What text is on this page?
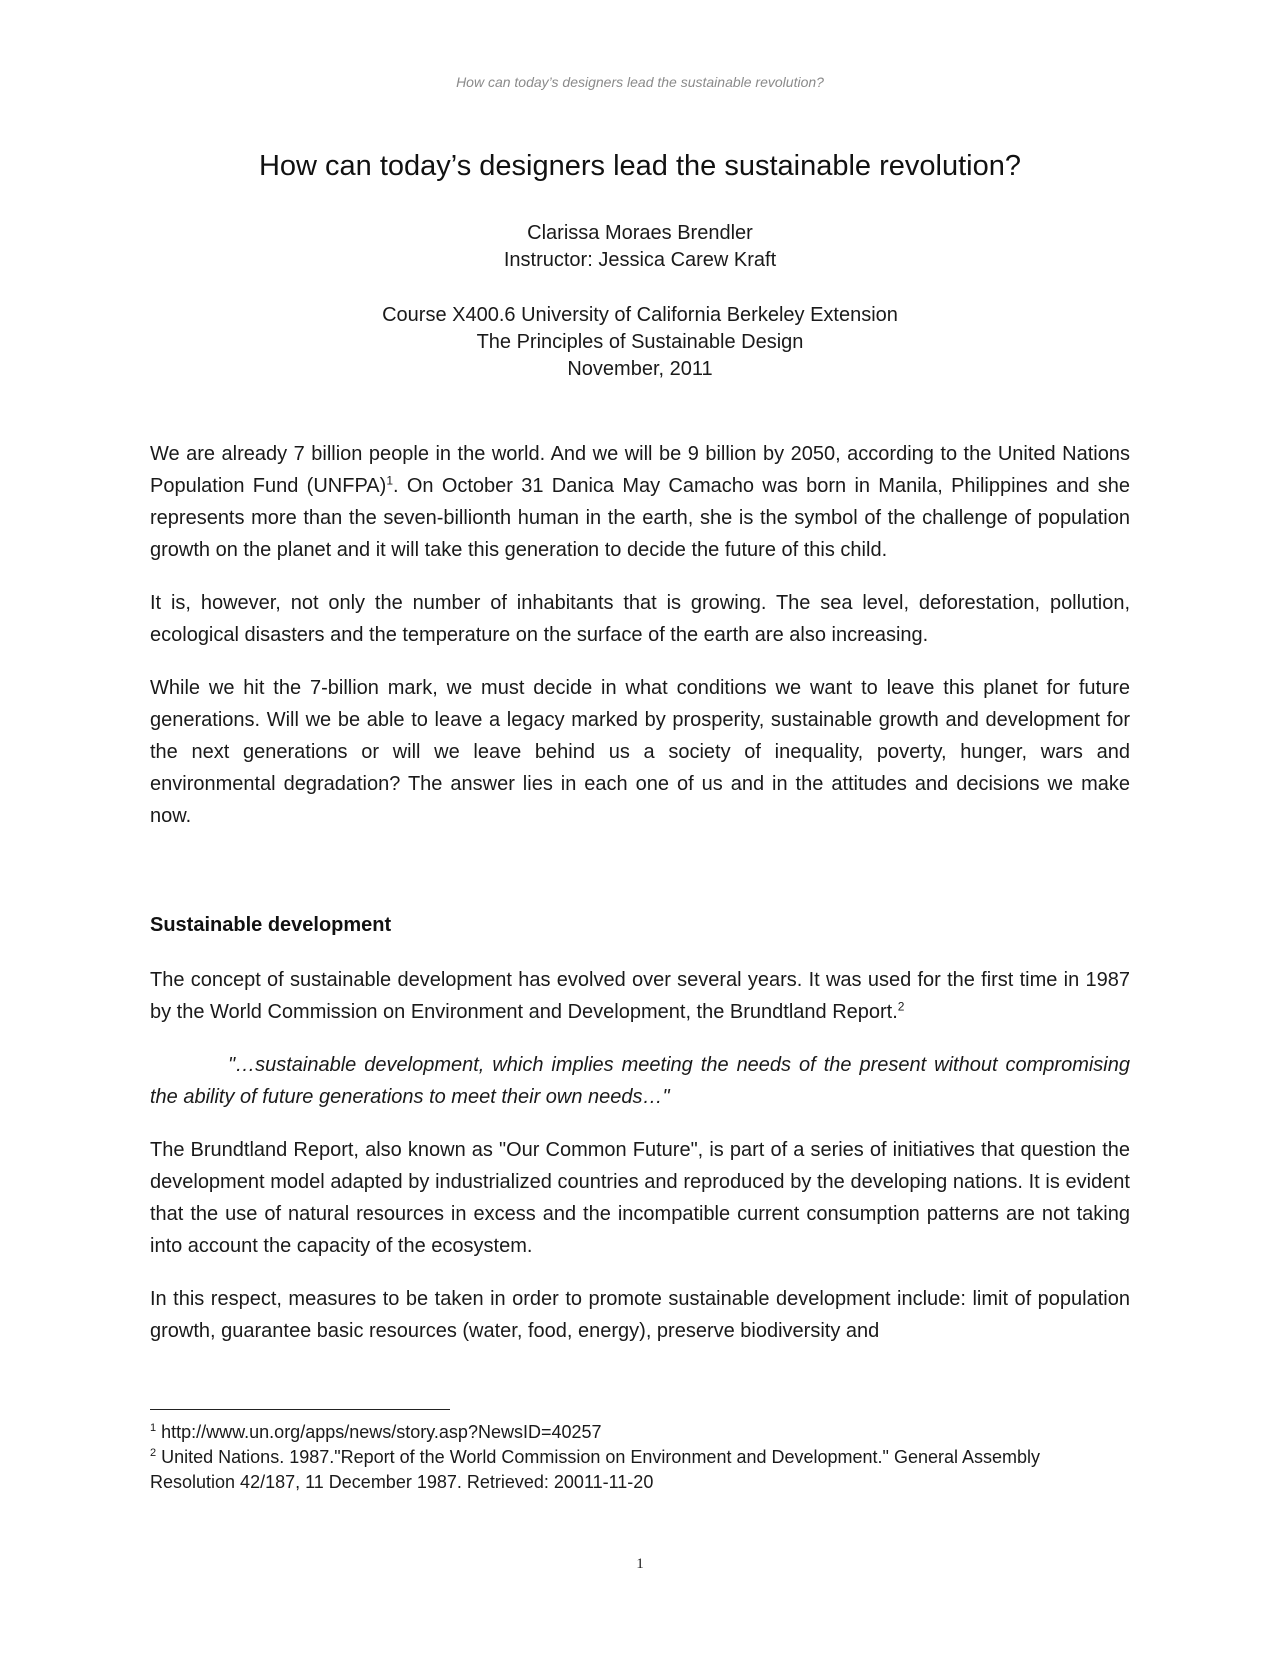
How can today’s designers lead the sustainable revolution?
How can today’s designers lead the sustainable revolution?
Clarissa Moraes Brendler
Instructor: Jessica Carew Kraft
Course X400.6 University of California Berkeley Extension
The Principles of Sustainable Design
November, 2011

We are already 7 billion people in the world. And we will be 9 billion by 2050, according to the United Nations Population Fund (UNFPA)$^1$. On October 31 Danica May Camacho was born in Manila, Philippines and she represents more than the seven-billionth human in the earth, she is the symbol of the challenge of population growth on the planet and it will take this generation to decide the future of this child.

It is, however, not only the number of inhabitants that is growing. The sea level, deforestation, pollution, ecological disasters and the temperature on the surface of the earth are also increasing.

While we hit the 7-billion mark, we must decide in what conditions we want to leave this planet for future generations. Will we be able to leave a legacy marked by prosperity, sustainable growth and development for the next generations or will we leave behind us a society of inequality, poverty, hunger, wars and environmental degradation? The answer lies in each one of us and in the attitudes and decisions we make now.

Sustainable development

The concept of sustainable development has evolved over several years. It was used for the first time in 1987 by the World Commission on Environment and Development, the Brundtland Report.$^2$

"…sustainable development, which implies meeting the needs of the present without compromising the ability of future generations to meet their own needs…"

The Brundtland Report, also known as "Our Common Future", is part of a series of initiatives that question the development model adapted by industrialized countries and reproduced by the developing nations. It is evident that the use of natural resources in excess and the incompatible current consumption patterns are not taking into account the capacity of the ecosystem.

In this respect, measures to be taken in order to promote sustainable development include: limit of population growth, guarantee basic resources (water, food, energy), preserve biodiversity and

$^1$ http://www.un.org/apps/news/story.asp?NewsID=40257
$^2$ United Nations. 1987."Report of the World Commission on Environment and Development." General Assembly Resolution 42/187, 11 December 1987. Retrieved: 20011-11-20
1
